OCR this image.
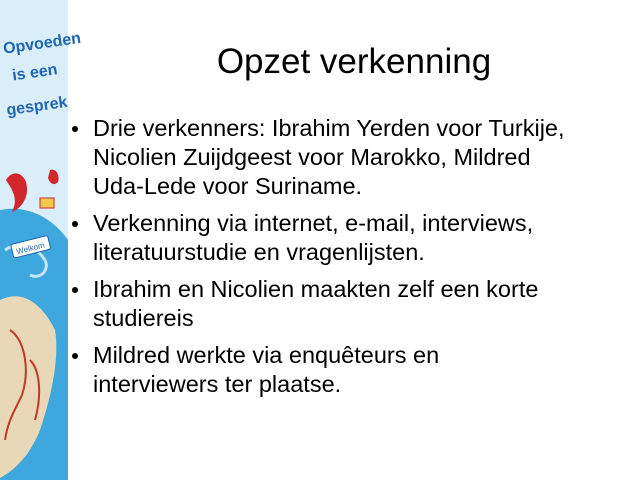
Opvoeden
is een
gesprek
Welkom
Opzet verkenning
Drie verkenners: Ibrahim Yerden voor Turkije,
Nicolien Zuijdgeest voor Marokko, Mildred
Uda-Lede voor Suriname.
Verkenning via internet, e-mail, interviews,
literatuurstudie en vragenlijsten.
Ibrahim en Nicolien maakten zelf een korte
studiereis
Mildred werkte via enquêteurs en
interviewers ter plaatse.
